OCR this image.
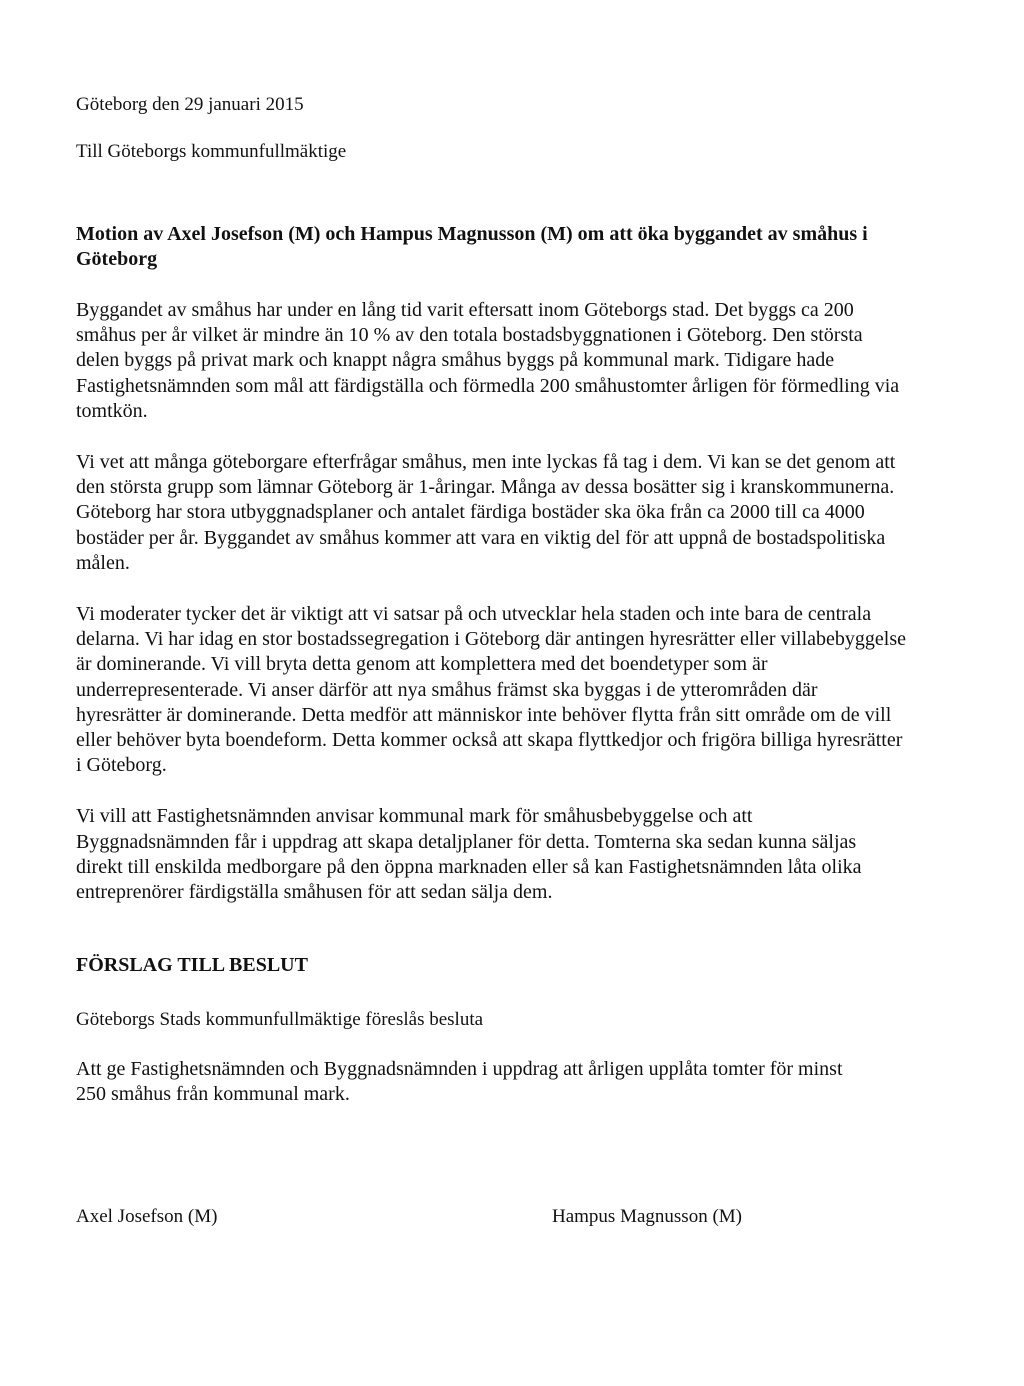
Göteborg den 29 januari 2015

Till Göteborgs kommunfullmäktige

Motion av Axel Josefson (M) och Hampus Magnusson (M) om att öka byggandet av småhus i Göteborg

Byggandet av småhus har under en lång tid varit eftersatt inom Göteborgs stad. Det byggs ca 200 småhus per år vilket är mindre än 10 % av den totala bostadsbyggnationen i Göteborg. Den största delen byggs på privat mark och knappt några småhus byggs på kommunal mark. Tidigare hade Fastighetsnämnden som mål att färdigställa och förmedla 200 småhustomter årligen för förmedling via tomtkön.

Vi vet att många göteborgare efterfrågar småhus, men inte lyckas få tag i dem. Vi kan se det genom att den största grupp som lämnar Göteborg är 1-åringar. Många av dessa bosätter sig i kranskommunerna. Göteborg har stora utbyggnadsplaner och antalet färdiga bostäder ska öka från ca 2000 till ca 4000 bostäder per år. Byggandet av småhus kommer att vara en viktig del för att uppnå de bostadspolitiska målen.

Vi moderater tycker det är viktigt att vi satsar på och utvecklar hela staden och inte bara de centrala delarna. Vi har idag en stor bostadssegregation i Göteborg där antingen hyresrätter eller villabebyggelse är dominerande. Vi vill bryta detta genom att komplettera med det boendetyper som är underrepresenterade. Vi anser därför att nya småhus främst ska byggas i de ytterområden där hyresrätter är dominerande. Detta medför att människor inte behöver flytta från sitt område om de vill eller behöver byta boendeform. Detta kommer också att skapa flyttkedjor och frigöra billiga hyresrätter i Göteborg.

Vi vill att Fastighetsnämnden anvisar kommunal mark för småhusbebyggelse och att Byggnadsnämnden får i uppdrag att skapa detaljplaner för detta. Tomterna ska sedan kunna säljas direkt till enskilda medborgare på den öppna marknaden eller så kan Fastighetsnämnden låta olika entreprenörer färdigställa småhusen för att sedan sälja dem.

FÖRSLAG TILL BESLUT

Göteborgs Stads kommunfullmäktige föreslås besluta

Att ge Fastighetsnämnden och Byggnadsnämnden i uppdrag att årligen upplåta tomter för minst 250 småhus från kommunal mark.

Axel Josefson (M)	Hampus Magnusson (M)
